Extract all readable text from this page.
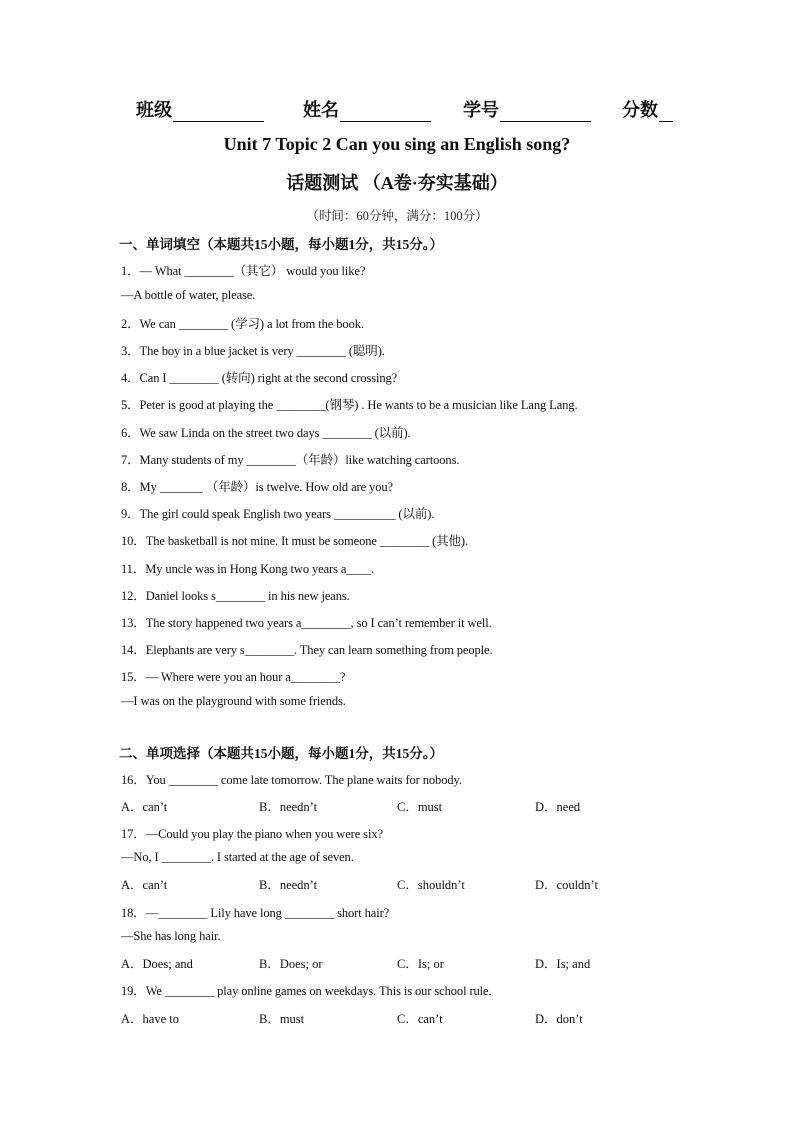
班级	姓名	学号	分数
Unit 7 Topic 2 Can you sing an English song?
话题测试 （A卷·夯实基础）
（时间：60分钟，满分：100分）
一、单词填空（本题共15小题，每小题1分，共15分。）
1．— What ________（其它） would you like?
—A bottle of water, please.
2．We can ________ (学习) a lot from the book.
3．The boy in a blue jacket is very ________ (聪明).
4．Can I ________ (转向) right at the second crossing?
5．Peter is good at playing the ________(钢琴) . He wants to be a musician like Lang Lang.
6．We saw Linda on the street two days ________ (以前).
7．Many students of my ________（年龄）like watching cartoons.
8．My _______ （年龄）is twelve. How old are you?
9．The girl could speak English two years __________ (以前).
10．The basketball is not mine. It must be someone ________ (其他).
11．My uncle was in Hong Kong two years a____.
12．Daniel looks s________ in his new jeans.
13．The story happened two years a________, so I can’t remember it well.
14．Elephants are very s________. They can learn something from people.
15．— Where were you an hour a________?
—I was on the playground with some friends.
二、单项选择（本题共15小题，每小题1分，共15分。）
16．You ________ come late tomorrow. The plane waits for nobody.
A．can’t	B．needn’t	C．must	D．need
17．—Could you play the piano when you were six?
—No, I ________. I started at the age of seven.
A．can’t	B．needn’t	C．shouldn’t	D．couldn’t
18．—________ Lily have long ________ short hair?
—She has long hair.
A．Does; and	B．Does; or	C．Is; or	D．Is; and
19．We ________ play online games on weekdays. This is our school rule.
A．have to	B．must	C．can’t	D．don’t
